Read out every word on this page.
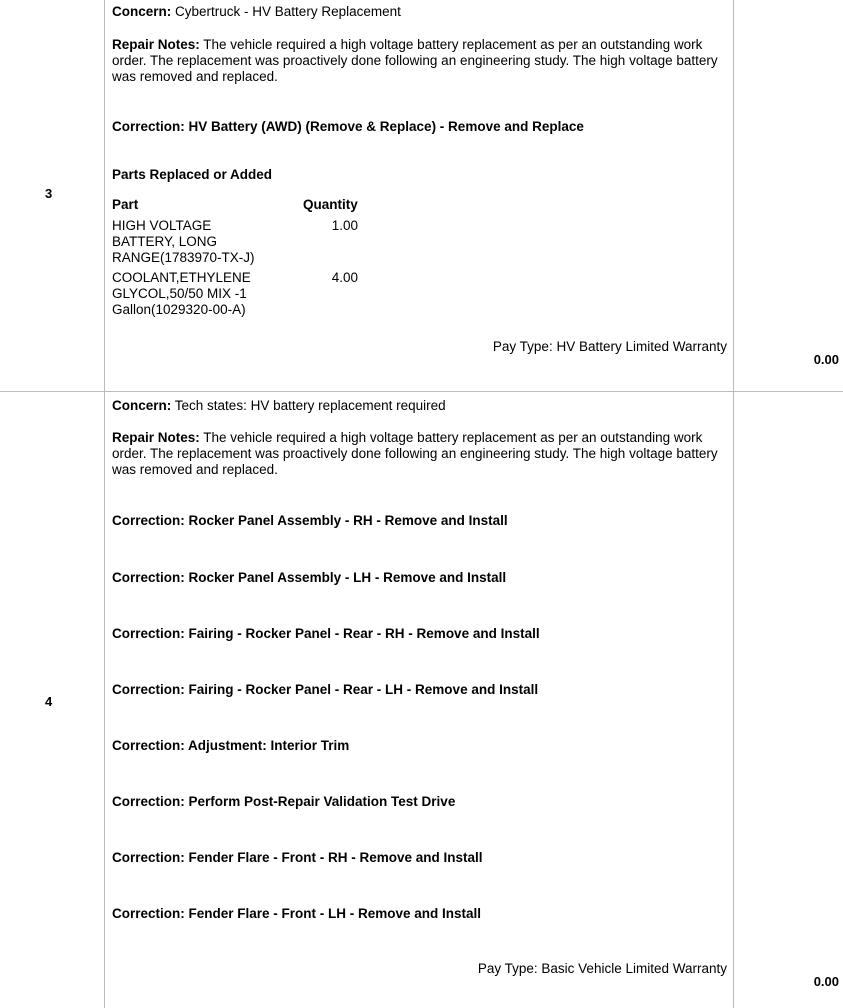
3
Concern: Cybertruck - HV Battery Replacement
Repair Notes: The vehicle required a high voltage battery replacement as per an outstanding work order. The replacement was proactively done following an engineering study. The high voltage battery was removed and replaced.
Correction: HV Battery (AWD) (Remove & Replace) - Remove and Replace
Parts Replaced or Added
Part	Quantity
HIGH VOLTAGE BATTERY, LONG RANGE(1783970-TX-J)
1.00
COOLANT,ETHYLENE GLYCOL,50/50 MIX -1 Gallon(1029320-00-A)
4.00
Pay Type: HV Battery Limited Warranty
0.00
4
Concern: Tech states: HV battery replacement required
Repair Notes: The vehicle required a high voltage battery replacement as per an outstanding work order. The replacement was proactively done following an engineering study. The high voltage battery was removed and replaced.
Correction: Rocker Panel Assembly - RH - Remove and Install
Correction: Rocker Panel Assembly - LH - Remove and Install
Correction: Fairing - Rocker Panel - Rear - RH - Remove and Install
Correction: Fairing - Rocker Panel - Rear - LH - Remove and Install
Correction: Adjustment: Interior Trim
Correction: Perform Post-Repair Validation Test Drive
Correction: Fender Flare - Front - RH - Remove and Install
Correction: Fender Flare - Front - LH - Remove and Install
Pay Type: Basic Vehicle Limited Warranty
0.00
